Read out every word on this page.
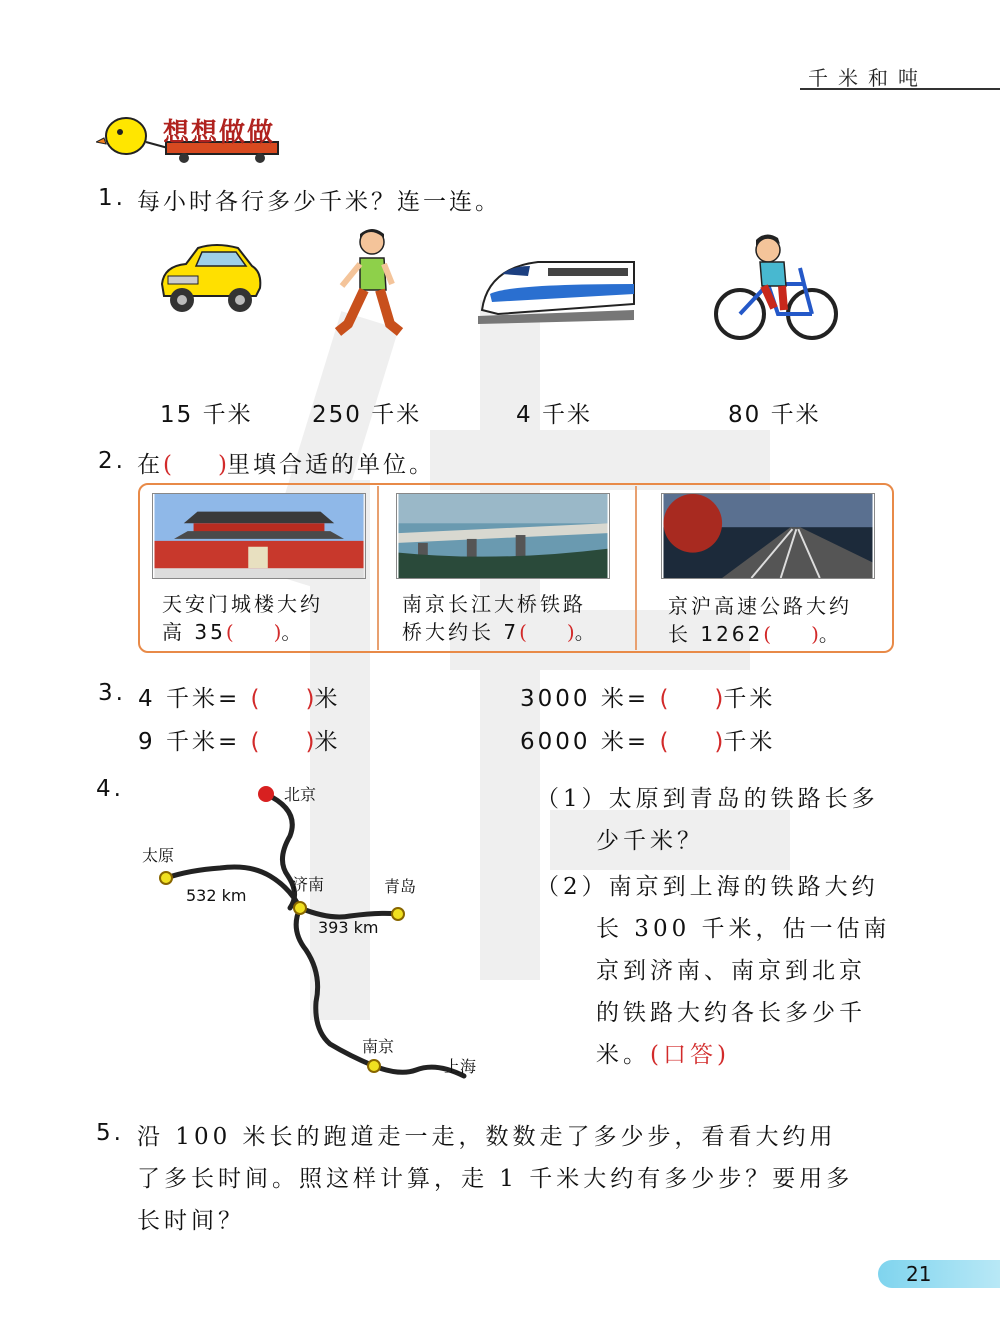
千米和吨
想想做做
1. 每小时各行多少千米？连一连。
15 千米	250 千米	4 千米	80 千米
2. 在(　　)里填合适的单位。
天安门城楼大约
高 35(　　)。
南京长江大桥铁路
桥大约长 7(　　)。
京沪高速公路大约
长 1262(　　)。
3. 4 千米= (　　)米
9 千米= (　　)米
3000 米= (　　)千米
6000 米= (　　)千米
4.	北京
太原
济南	青岛
南京
上海
532 km
393 km
（1）太原到青岛的铁路长多
少千米？
（2）南京到上海的铁路大约
长 300 千米，估一估南
京到济南、南京到北京
的铁路大约各长多少千
米。(口答)
5. 沿 100 米长的跑道走一走，数数走了多少步，看看大约用
了多长时间。照这样计算，走 1 千米大约有多少步？要用多
长时间？
21
